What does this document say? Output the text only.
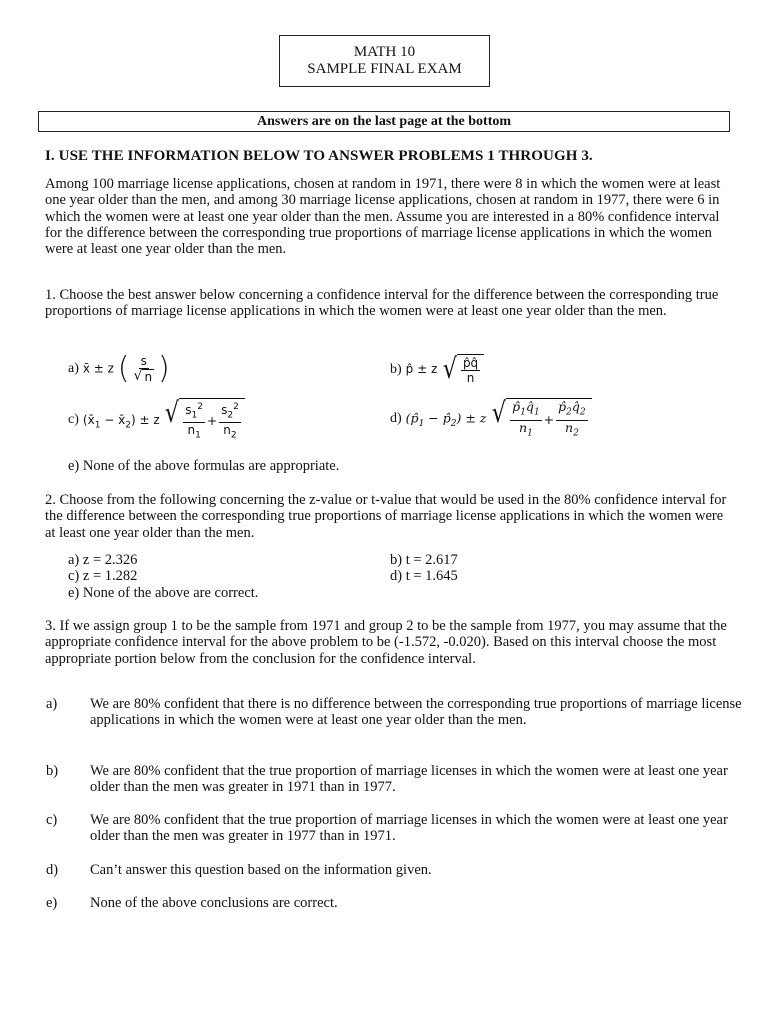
MATH 10
SAMPLE FINAL EXAM
Answers are on the last page at the bottom
I. USE THE INFORMATION BELOW TO ANSWER PROBLEMS 1 THROUGH 3.
Among 100 marriage license applications, chosen at random in 1971, there were 8 in which the women were at least one year older than the men, and among 30 marriage license applications, chosen at random in 1977, there were 6 in which the women were at least one year older than the men. Assume you are interested in a 80% confidence interval for the difference between the corresponding true proportions of marriage license applications in which the women were at least one year older than the men.
1. Choose the best answer below concerning a confidence interval for the difference between the corresponding true proportions of marriage license applications in which the women were at least one year older than the men.
a) x̄ ± z ( $\frac{s}{√ n}$ )	b) p̂ ± z √ $\frac{p̂q̂}{n}$
c) ($x̄_1$ − $x̄_2) \pm z$ √ $\frac{s_1^2}{n_1} + \frac{s_2^2}{n_2}$	d) ($p̂_1$ − $p̂_2) \pm z$ √ $\frac{p̂_1q̂_1}{n_1} + \frac{p̂_2q̂_2}{n_2}$
e) None of the above formulas are appropriate.
2. Choose from the following concerning the z-value or t-value that would be used in the 80% confidence interval for the difference between the corresponding true proportions of marriage license applications in which the women were at least one year older than the men.
a) z = 2.326	b) t = 2.617
c) z = 1.282	d) t = 1.645
e) None of the above are correct.
3. If we assign group 1 to be the sample from 1971 and group 2 to be the sample from 1977, you may assume that the appropriate confidence interval for the above problem to be (-1.572, -0.020). Based on this interval choose the most appropriate portion below from the conclusion for the confidence interval.
a) We are 80% confident that there is no difference between the corresponding true proportions of marriage license applications in which the women were at least one year older than the men.
b) We are 80% confident that the true proportion of marriage licenses in which the women were at least one year older than the men was greater in 1971 than in 1977.
c) We are 80% confident that the true proportion of marriage licenses in which the women were at least one year older than the men was greater in 1977 than in 1971.
d) Can’t answer this question based on the information given.
e) None of the above conclusions are correct.
